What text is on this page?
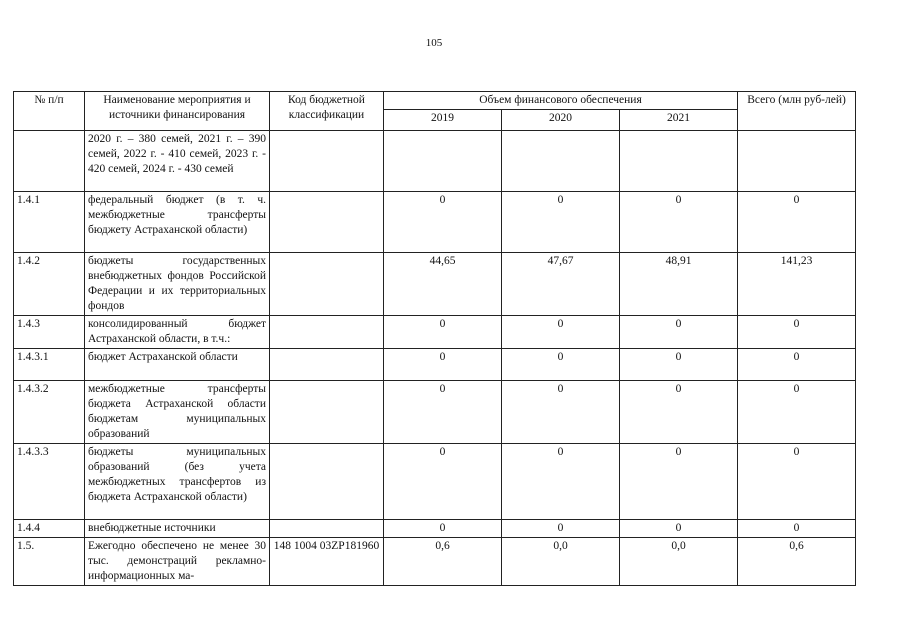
105
№ п/п	Наименование мероприятия и источники финансирования	Код бюджетной классификации	Объем финансового обеспечения			Всего (млн руб-лей)
			2019	2020	2021	
	2020 г. – 380 семей, 2021 г. – 390 семей, 2022 г. - 410 семей, 2023 г. - 420 семей, 2024 г. - 430 семей					
1.4.1	федеральный бюджет (в т. ч. межбюджетные трансферты бюджету Астраханской области)		0	0	0	0
1.4.2	бюджеты государственных внебюджетных фондов Российской Федерации и их территориальных фондов		44,65	47,67	48,91	141,23
1.4.3	консолидированный бюджет Астраханской области, в т.ч.:		0	0	0	0
1.4.3.1	бюджет Астраханской области		0	0	0	0
1.4.3.2	межбюджетные трансферты бюджета Астраханской области бюджетам муниципальных образований		0	0	0	0
1.4.3.3	бюджеты муниципальных образований (без учета межбюджетных трансфертов из бюджета Астраханской области)		0	0	0	0
1.4.4	внебюджетные источники		0	0	0	0
1.5.	Ежегодно обеспечено не менее 30 тыс. демонстраций рекламно-информационных ма-	148 1004 03ZP181960	0,6	0,0	0,0	0,6
